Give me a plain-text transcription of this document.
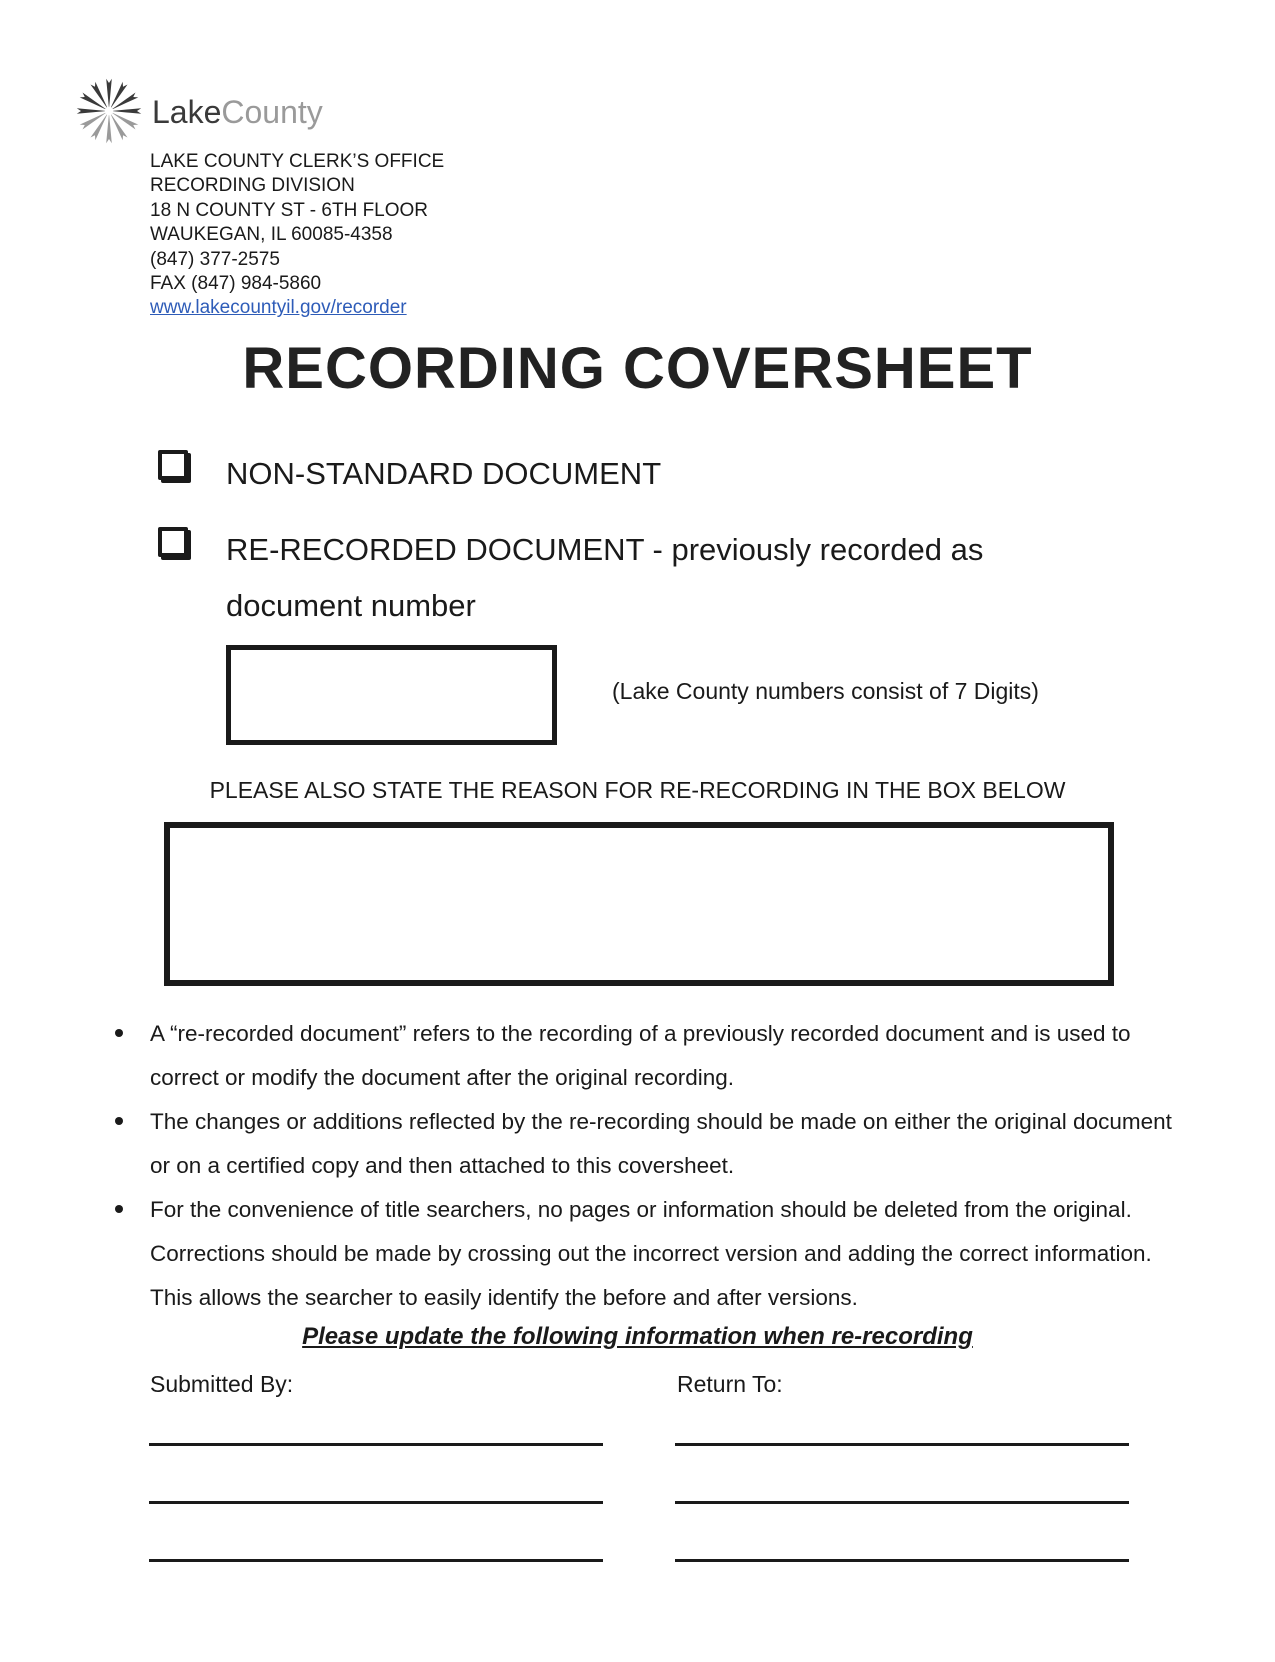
LakeCounty
LAKE COUNTY CLERK’S OFFICE
RECORDING DIVISION
18 N COUNTY ST - 6TH FLOOR
WAUKEGAN, IL 60085-4358
(847) 377-2575
FAX (847) 984-5860
www.lakecountyil.gov/recorder
RECORDING COVERSHEET
NON-STANDARD DOCUMENT
RE-RECORDED DOCUMENT - previously recorded as
document number
(Lake County numbers consist of 7 Digits)
PLEASE ALSO STATE THE REASON FOR RE-RECORDING IN THE BOX BELOW
A “re-recorded document” refers to the recording of a previously recorded document and is used to correct or modify the document after the original recording.
The changes or additions reflected by the re-recording should be made on either the original document or on a certified copy and then attached to this coversheet.
For the convenience of title searchers, no pages or information should be deleted from the original. Corrections should be made by crossing out the incorrect version and adding the correct information. This allows the searcher to easily identify the before and after versions.
Please update the following information when re-recording
Submitted By:	Return To:
